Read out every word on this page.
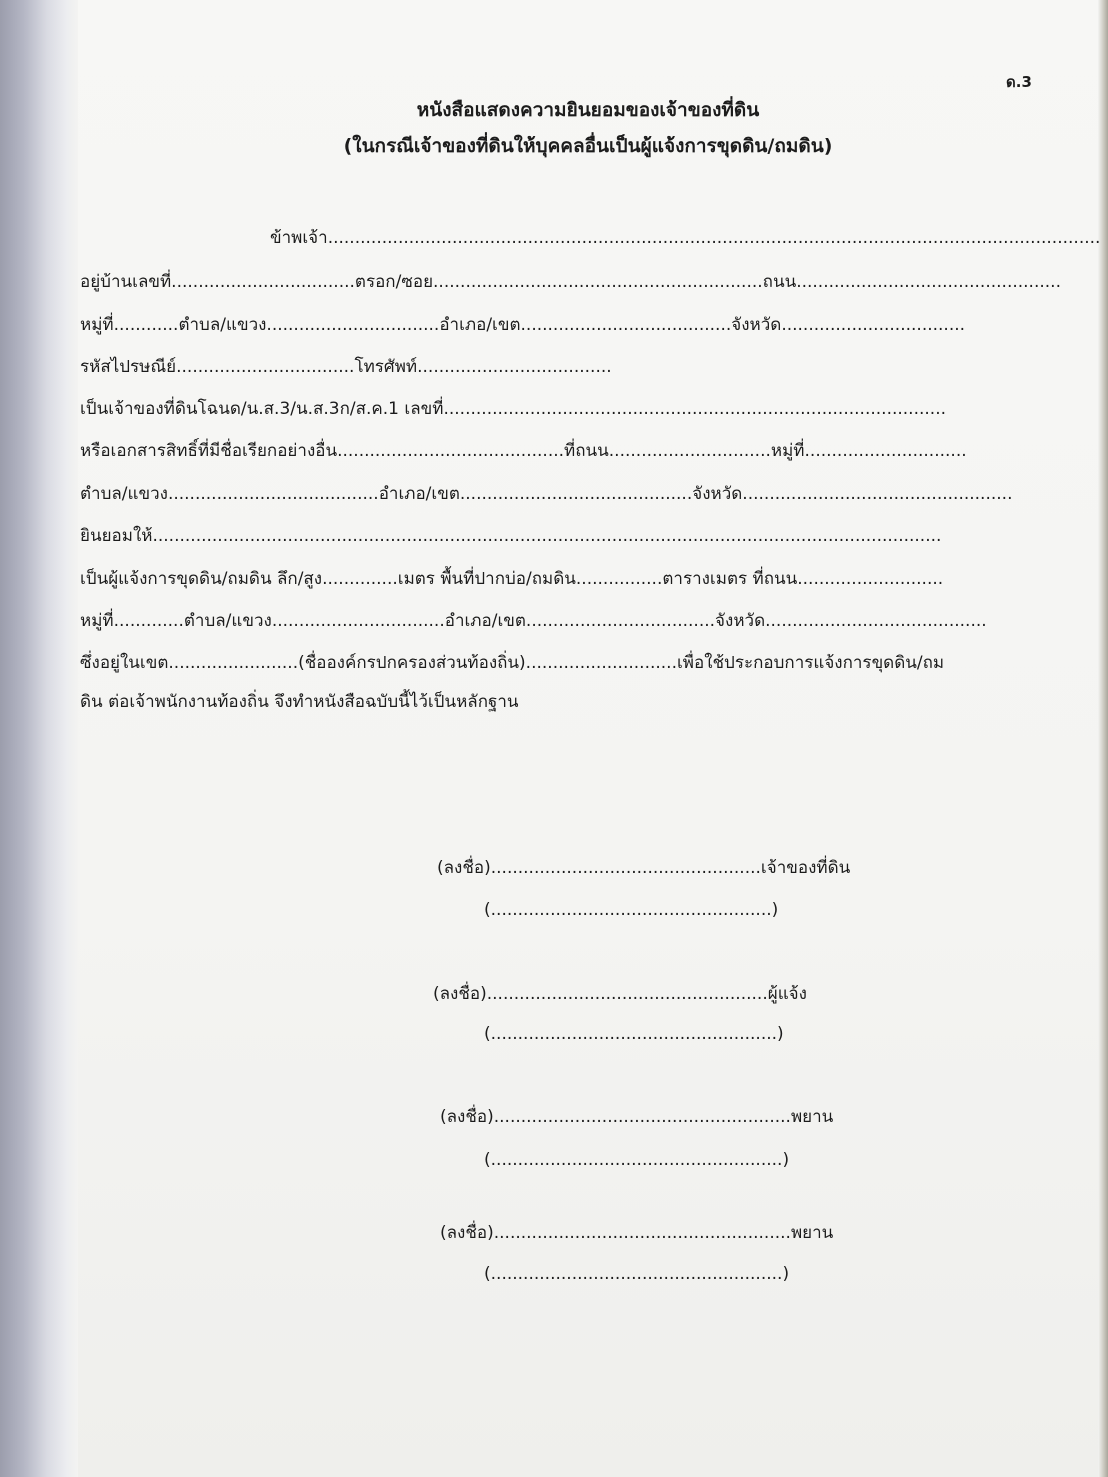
ด.3
หนังสือแสดงความยินยอมของเจ้าของที่ดิน
(ในกรณีเจ้าของที่ดินให้บุคคลอื่นเป็นผู้แจ้งการขุดดิน/ถมดิน)
ข้าพเจ้า...............................................................................................................................................
อยู่บ้านเลขที่..................................ตรอก/ซอย.............................................................ถนน.................................................
หมู่ที่............ตำบล/แขวง................................อำเภอ/เขต.......................................จังหวัด..................................
รหัสไปรษณีย์.................................โทรศัพท์....................................
เป็นเจ้าของที่ดินโฉนด/น.ส.3/น.ส.3ก/ส.ค.1 เลขที่.............................................................................................
หรือเอกสารสิทธิ์ที่มีชื่อเรียกอย่างอื่น..........................................ที่ถนน..............................หมู่ที่..............................
ตำบล/แขวง.......................................อำเภอ/เขต...........................................จังหวัด..................................................
ยินยอมให้..................................................................................................................................................
เป็นผู้แจ้งการขุดดิน/ถมดิน ลึก/สูง..............เมตร พื้นที่ปากบ่อ/ถมดิน................ตารางเมตร ที่ถนน...........................
หมู่ที่.............ตำบล/แขวง................................อำเภอ/เขต...................................จังหวัด.........................................
ซึ่งอยู่ในเขต........................(ชื่อองค์กรปกครองส่วนท้องถิ่น)............................เพื่อใช้ประกอบการแจ้งการขุดดิน/ถม
ดิน ต่อเจ้าพนักงานท้องถิ่น จึงทำหนังสือฉบับนี้ไว้เป็นหลักฐาน
(ลงชื่อ)..................................................เจ้าของที่ดิน
(....................................................)
(ลงชื่อ)....................................................ผู้แจ้ง
(.....................................................)
(ลงชื่อ).......................................................พยาน
(......................................................)
(ลงชื่อ).......................................................พยาน
(......................................................)
